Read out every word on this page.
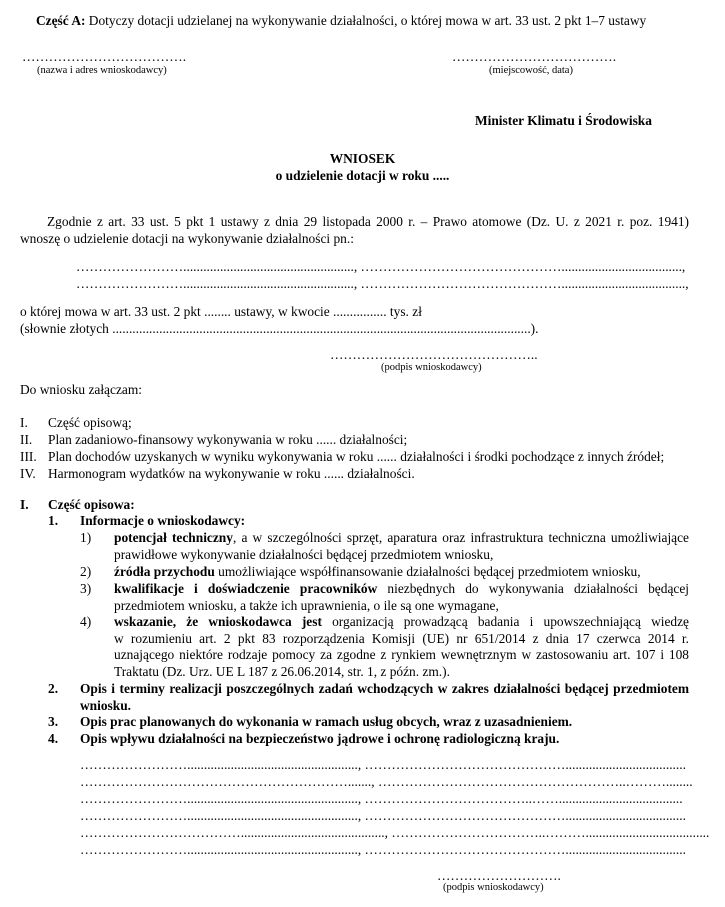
Część A: Dotyczy dotacji udzielanej na wykonywanie działalności, o której mowa w art. 33 ust. 2 pkt 1–7 ustawy
……………………………….
(nazwa i adres wnioskodawcy)
……………………………….
(miejscowość, data)
Minister Klimatu i Środowiska
WNIOSEK
o udzielenie dotacji w roku .....
Zgodnie z art. 33 ust. 5 pkt 1 ustawy z dnia 29 listopada 2000 r. – Prawo atomowe (Dz. U. z 2021 r. poz. 1941)
wnoszę o udzielenie dotacji na wykonywanie działalności pn.:
……………………..................................................., ………………………………………....................................,
……………………..................................................., ……………………………………….....................................,
o której mowa w art. 33 ust. 2 pkt ........ ustawy, w kwocie ................ tys. zł
(słownie złotych .............................................................................................................................).
………………………………………..
(podpis wnioskodawcy)
Do wniosku załączam:
I. Część opisową;
II. Plan zadaniowo-finansowy wykonywania w roku ...... działalności;
III. Plan dochodów uzyskanych w wyniku wykonywania w roku ...... działalności i środki pochodzące z innych źródeł;
IV. Harmonogram wydatków na wykonywanie w roku ...... działalności.
I. Część opisowa:
1. Informacje o wnioskodawcy:
1) potencjał techniczny, a w szczególności sprzęt, aparatura oraz infrastruktura techniczna umożliwiające
prawidłowe wykonywanie działalności będącej przedmiotem wniosku,
2) źródła przychodu umożliwiające współfinansowanie działalności będącej przedmiotem wniosku,
3) kwalifikacje i doświadczenie pracowników niezbędnych do wykonywania działalności będącej
przedmiotem wniosku, a także ich uprawnienia, o ile są one wymagane,
4) wskazanie, że wnioskodawca jest organizacją prowadzącą badania i upowszechniającą wiedzę
w rozumieniu art. 2 pkt 83 rozporządzenia Komisji (UE) nr 651/2014 z dnia 17 czerwca 2014 r.
uznającego niektóre rodzaje pomocy za zgodne z rynkiem wewnętrznym w zastosowaniu art. 107 i 108
Traktatu (Dz. Urz. UE L 187 z 26.06.2014, str. 1, z późn. zm.).
2. Opis i terminy realizacji poszczególnych zadań wchodzących w zakres działalności będącej przedmiotem
wniosku.
3. Opis prac planowanych do wykonania w ramach usług obcych, wraz z uzasadnieniem.
4. Opis wpływu działalności na bezpieczeństwo jądrowe i ochronę radiologiczną kraju.
……………………..................................................., ………………………………………....................................
……………………………………………………......., ………………………………………………..………........
……………………..................................................., ………………………………..…….....................................
……………………..................................................., ………………………………………....................................
………………………………..........................................., ……………………………..……….....................................
……………………..................................................., ………………………………………....................................
……………………….
(podpis wnioskodawcy)
